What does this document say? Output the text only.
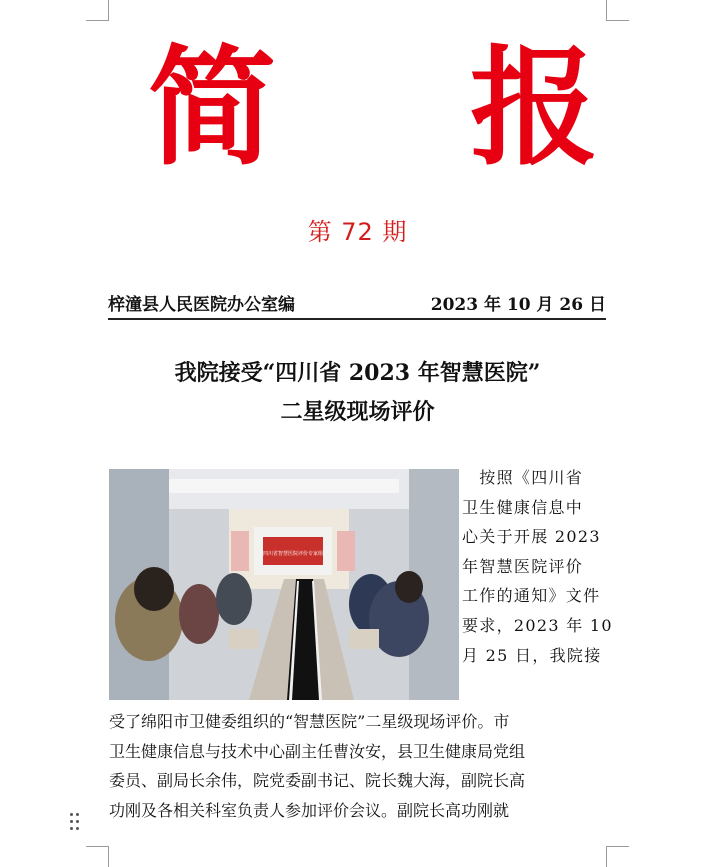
简 报
第 72 期
梓潼县人民医院办公室编	2023 年 10 月 26 日
我院接受“四川省 2023 年智慧医院”
二星级现场评价
四川省智慧医院评价专家组
　按照《四川省
卫生健康信息中
心关于开展 2023
年智慧医院评价
工作的通知》文件
要求，2023 年 10
月 25 日，我院接
受了绵阳市卫健委组织的“智慧医院”二星级现场评价。市
卫生健康信息与技术中心副主任曹汝安，县卫生健康局党组
委员、副局长余伟，院党委副书记、院长魏大海，副院长高
功刚及各相关科室负责人参加评价会议。副院长高功刚就
